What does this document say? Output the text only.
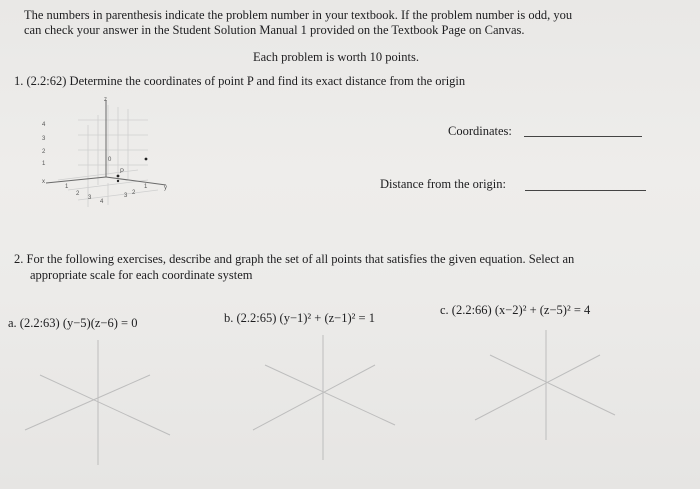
The numbers in parenthesis indicate the problem number in your textbook. If the problem number is odd, you
can check your answer in the Student Solution Manual 1 provided on the Textbook Page on Canvas.
Each problem is worth 10 points.
1. (2.2:62) Determine the coordinates of point P and find its exact distance from the origin
z
y
x
4
3
2
1
1
2
3
4
3 2
1
0
P
Coordinates:
Distance from the origin:
2. For the following exercises, describe and graph the set of all points that satisfies the given equation. Select an
appropriate scale for each coordinate system
a. (2.2:63) (y−5)(z−6) = 0	b. (2.2:65) (y−1)² + (z−1)² = 1
c. (2.2:66) (x−2)² + (z−5)² = 4
